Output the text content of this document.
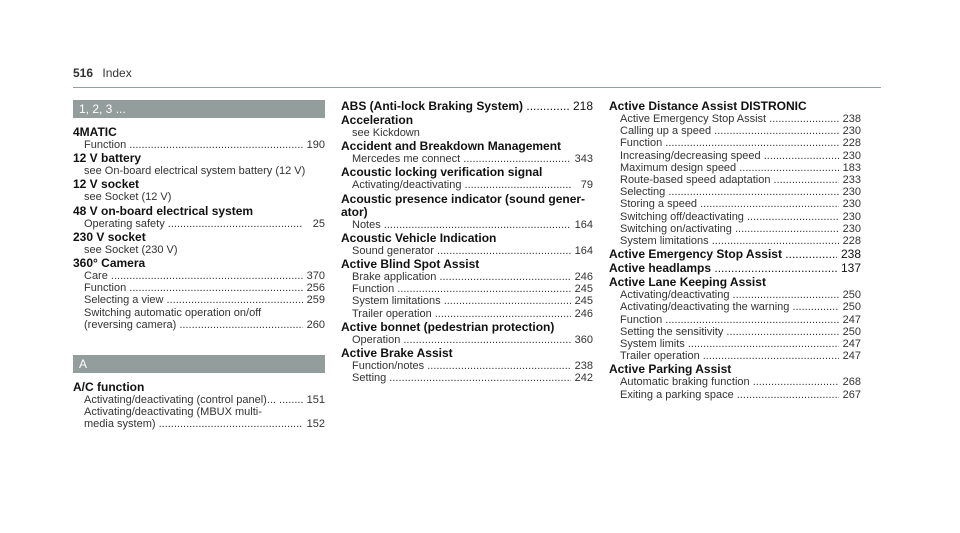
516 Index
1, 2, 3 ...
4MATIC
Function .....	190
12 V battery
see On-board electrical system battery (12 V)
12 V socket
see Socket (12 V)
48 V on-board electrical system
Operating safety .....	25
230 V socket
see Socket (230 V)
360° Camera
Care .....	370
Function .....	256
Selecting a view .....	259
Switching automatic operation on/off
(reversing camera) .....	260
A
A/C function
Activating/deactivating (control panel)... .....	151
Activating/deactivating (MBUX multi-
media system) .....	152
ABS (Anti-lock Braking System) .....	218
Acceleration
see Kickdown
Accident and Breakdown Management
Mercedes me connect .....	343
Acoustic locking verification signal
Activating/deactivating .....	79
Acoustic presence indicator (sound gener-ator)
Notes .....	164
Acoustic Vehicle Indication
Sound generator .....	164
Active Blind Spot Assist
Brake application .....	246
Function .....	245
System limitations .....	245
Trailer operation .....	246
Active bonnet (pedestrian protection)
Operation .....	360
Active Brake Assist
Function/notes .....	238
Setting .....	242
Active Distance Assist DISTRONIC
Active Emergency Stop Assist .....	238
Calling up a speed .....	230
Function .....	228
Increasing/decreasing speed .....	230
Maximum design speed .....	183
Route-based speed adaptation .....	233
Selecting .....	230
Storing a speed .....	230
Switching off/deactivating .....	230
Switching on/activating .....	230
System limitations .....	228
Active Emergency Stop Assist .....	238
Active headlamps .....	137
Active Lane Keeping Assist
Activating/deactivating .....	250
Activating/deactivating the warning .....	250
Function .....	247
Setting the sensitivity .....	250
System limits .....	247
Trailer operation .....	247
Active Parking Assist
Automatic braking function .....	268
Exiting a parking space .....	267
